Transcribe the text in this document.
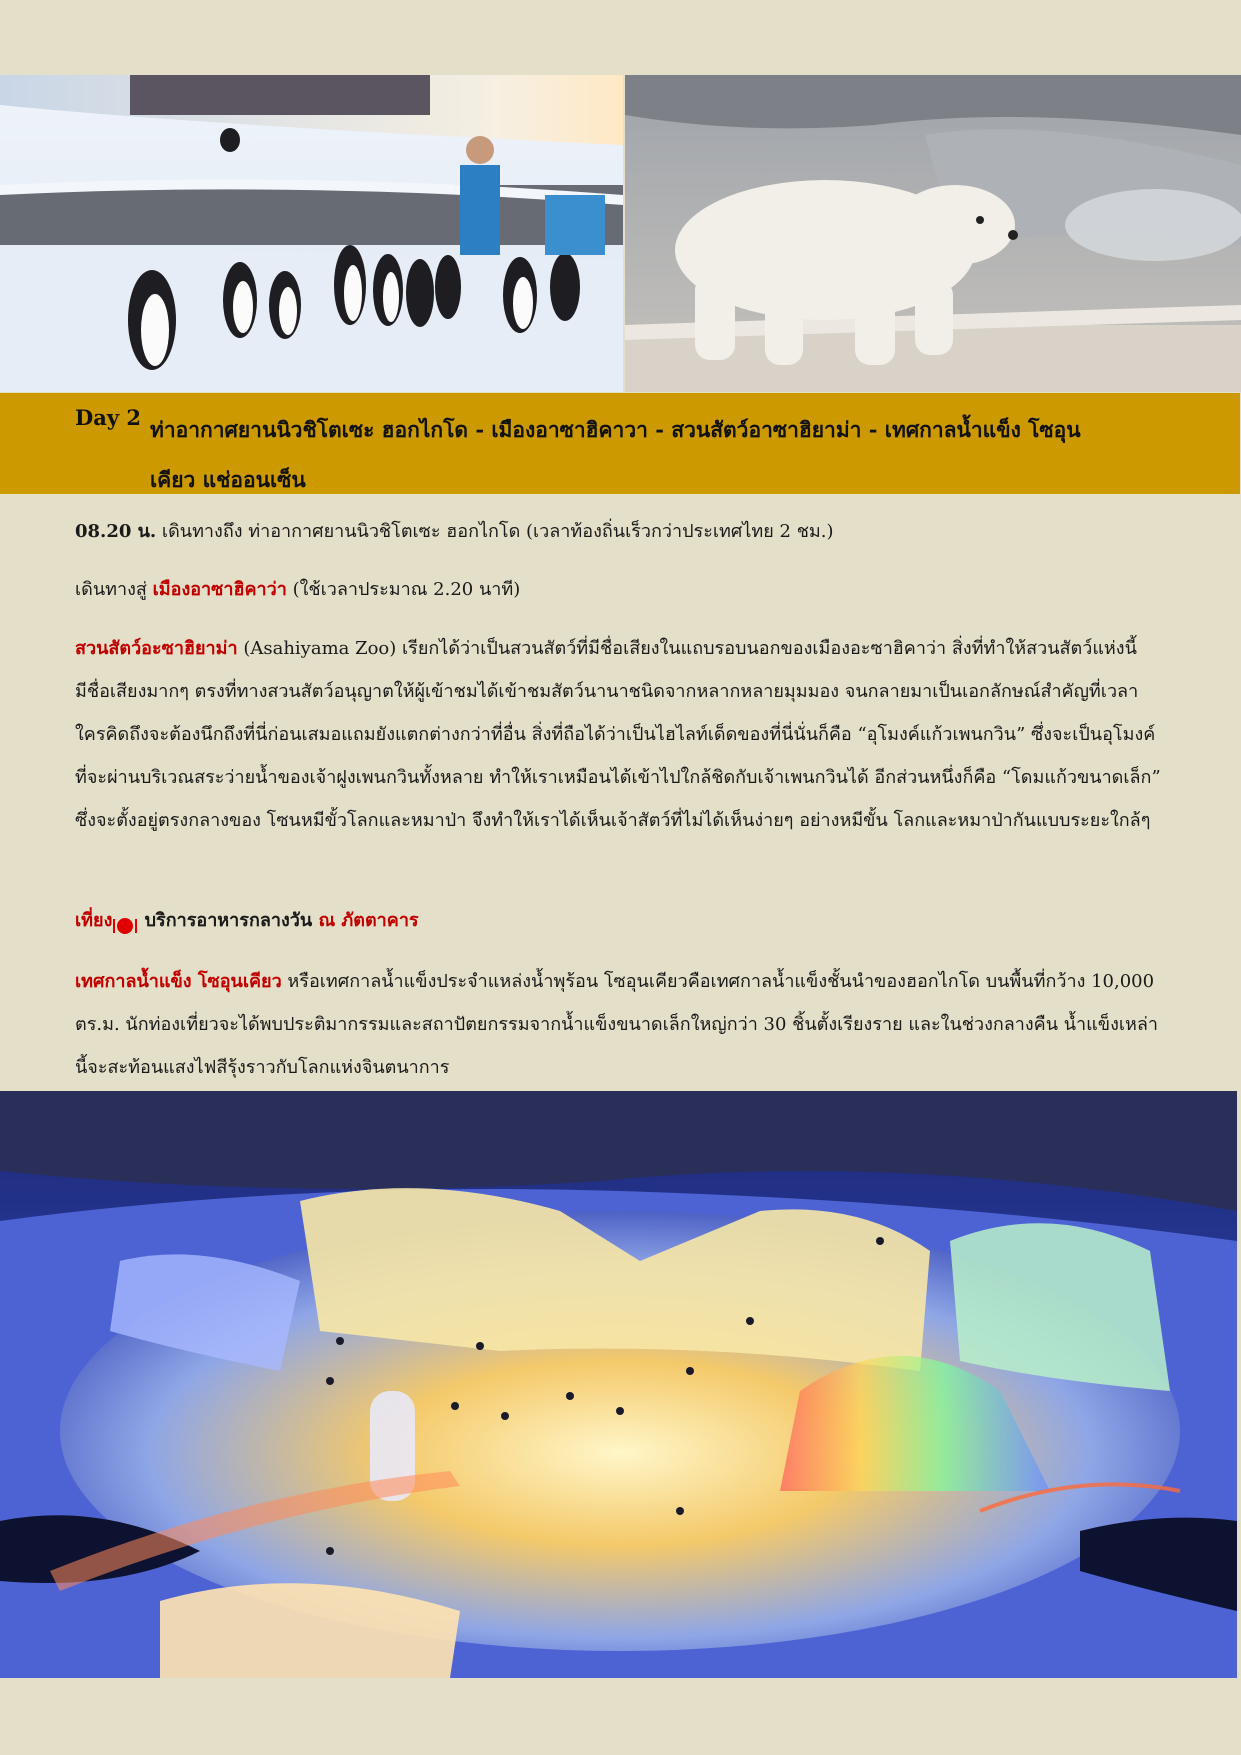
Day 2 ท่าอากาศยานนิวชิโตเซะ ฮอกไกโด - เมืองอาซาฮิคาวา - สวนสัตว์อาซาฮิยาม่า - เทศกาลน้ำแข็ง โซอุนเคียว แช่ออนเซ็น
08.20 น. เดินทางถึง ท่าอากาศยานนิวชิโตเซะ ฮอกไกโด (เวลาท้องถิ่นเร็วกว่าประเทศไทย 2 ชม.)
เดินทางสู่ เมืองอาซาฮิคาว่า (ใช้เวลาประมาณ 2.20 นาที)
สวนสัตว์อะซาฮิยาม่า (Asahiyama Zoo) เรียกได้ว่าเป็นสวนสัตว์ที่มีชื่อเสียงในแถบรอบนอกของเมืองอะซาฮิคาว่า สิ่งที่ทำให้สวนสัตว์แห่งนี้มีชื่อเสียงมากๆ ตรงที่ทางสวนสัตว์อนุญาตให้ผู้เข้าชมได้เข้าชมสัตว์นานาชนิดจากหลากหลายมุมมอง จนกลายมาเป็นเอกลักษณ์สำคัญที่เวลาใครคิดถึงจะต้องนึกถึงที่นี่ก่อนเสมอแถมยังแตกต่างกว่าที่อื่น สิ่งที่ถือได้ว่าเป็นไฮไลท์เด็ดของที่นี่นั่นก็คือ “อุโมงค์แก้วเพนกวิน” ซึ่งจะเป็นอุโมงค์ที่จะผ่านบริเวณสระว่ายน้ำของเจ้าฝูงเพนกวินทั้งหลาย ทำให้เราเหมือนได้เข้าไปใกล้ชิดกับเจ้าเพนกวินได้ อีกส่วนหนึ่งก็คือ “โดมแก้วขนาดเล็ก” ซึ่งจะตั้งอยู่ตรงกลางของ โซนหมีขั้วโลกและหมาป่า จึงทำให้เราได้เห็นเจ้าสัตว์ที่ไม่ได้เห็นง่ายๆ อย่างหมีขั้น โลกและหมาป่ากันแบบระยะใกล้ๆ
เที่ยง บริการอาหารกลางวัน ณ ภัตตาคาร
เทศกาลน้ำแข็ง โซอุนเคียว หรือเทศกาลน้ำแข็งประจำแหล่งน้ำพุร้อน โซอุนเคียวคือเทศกาลน้ำแข็งชั้นนำของฮอกไกโด บนพื้นที่กว้าง 10,000 ตร.ม. นักท่องเที่ยวจะได้พบประติมากรรมและสถาปัตยกรรมจากน้ำแข็งขนาดเล็กใหญ่กว่า 30 ชิ้นตั้งเรียงราย และในช่วงกลางคืน น้ำแข็งเหล่านี้จะสะท้อนแสงไฟสีรุ้งราวกับโลกแห่งจินตนาการ
